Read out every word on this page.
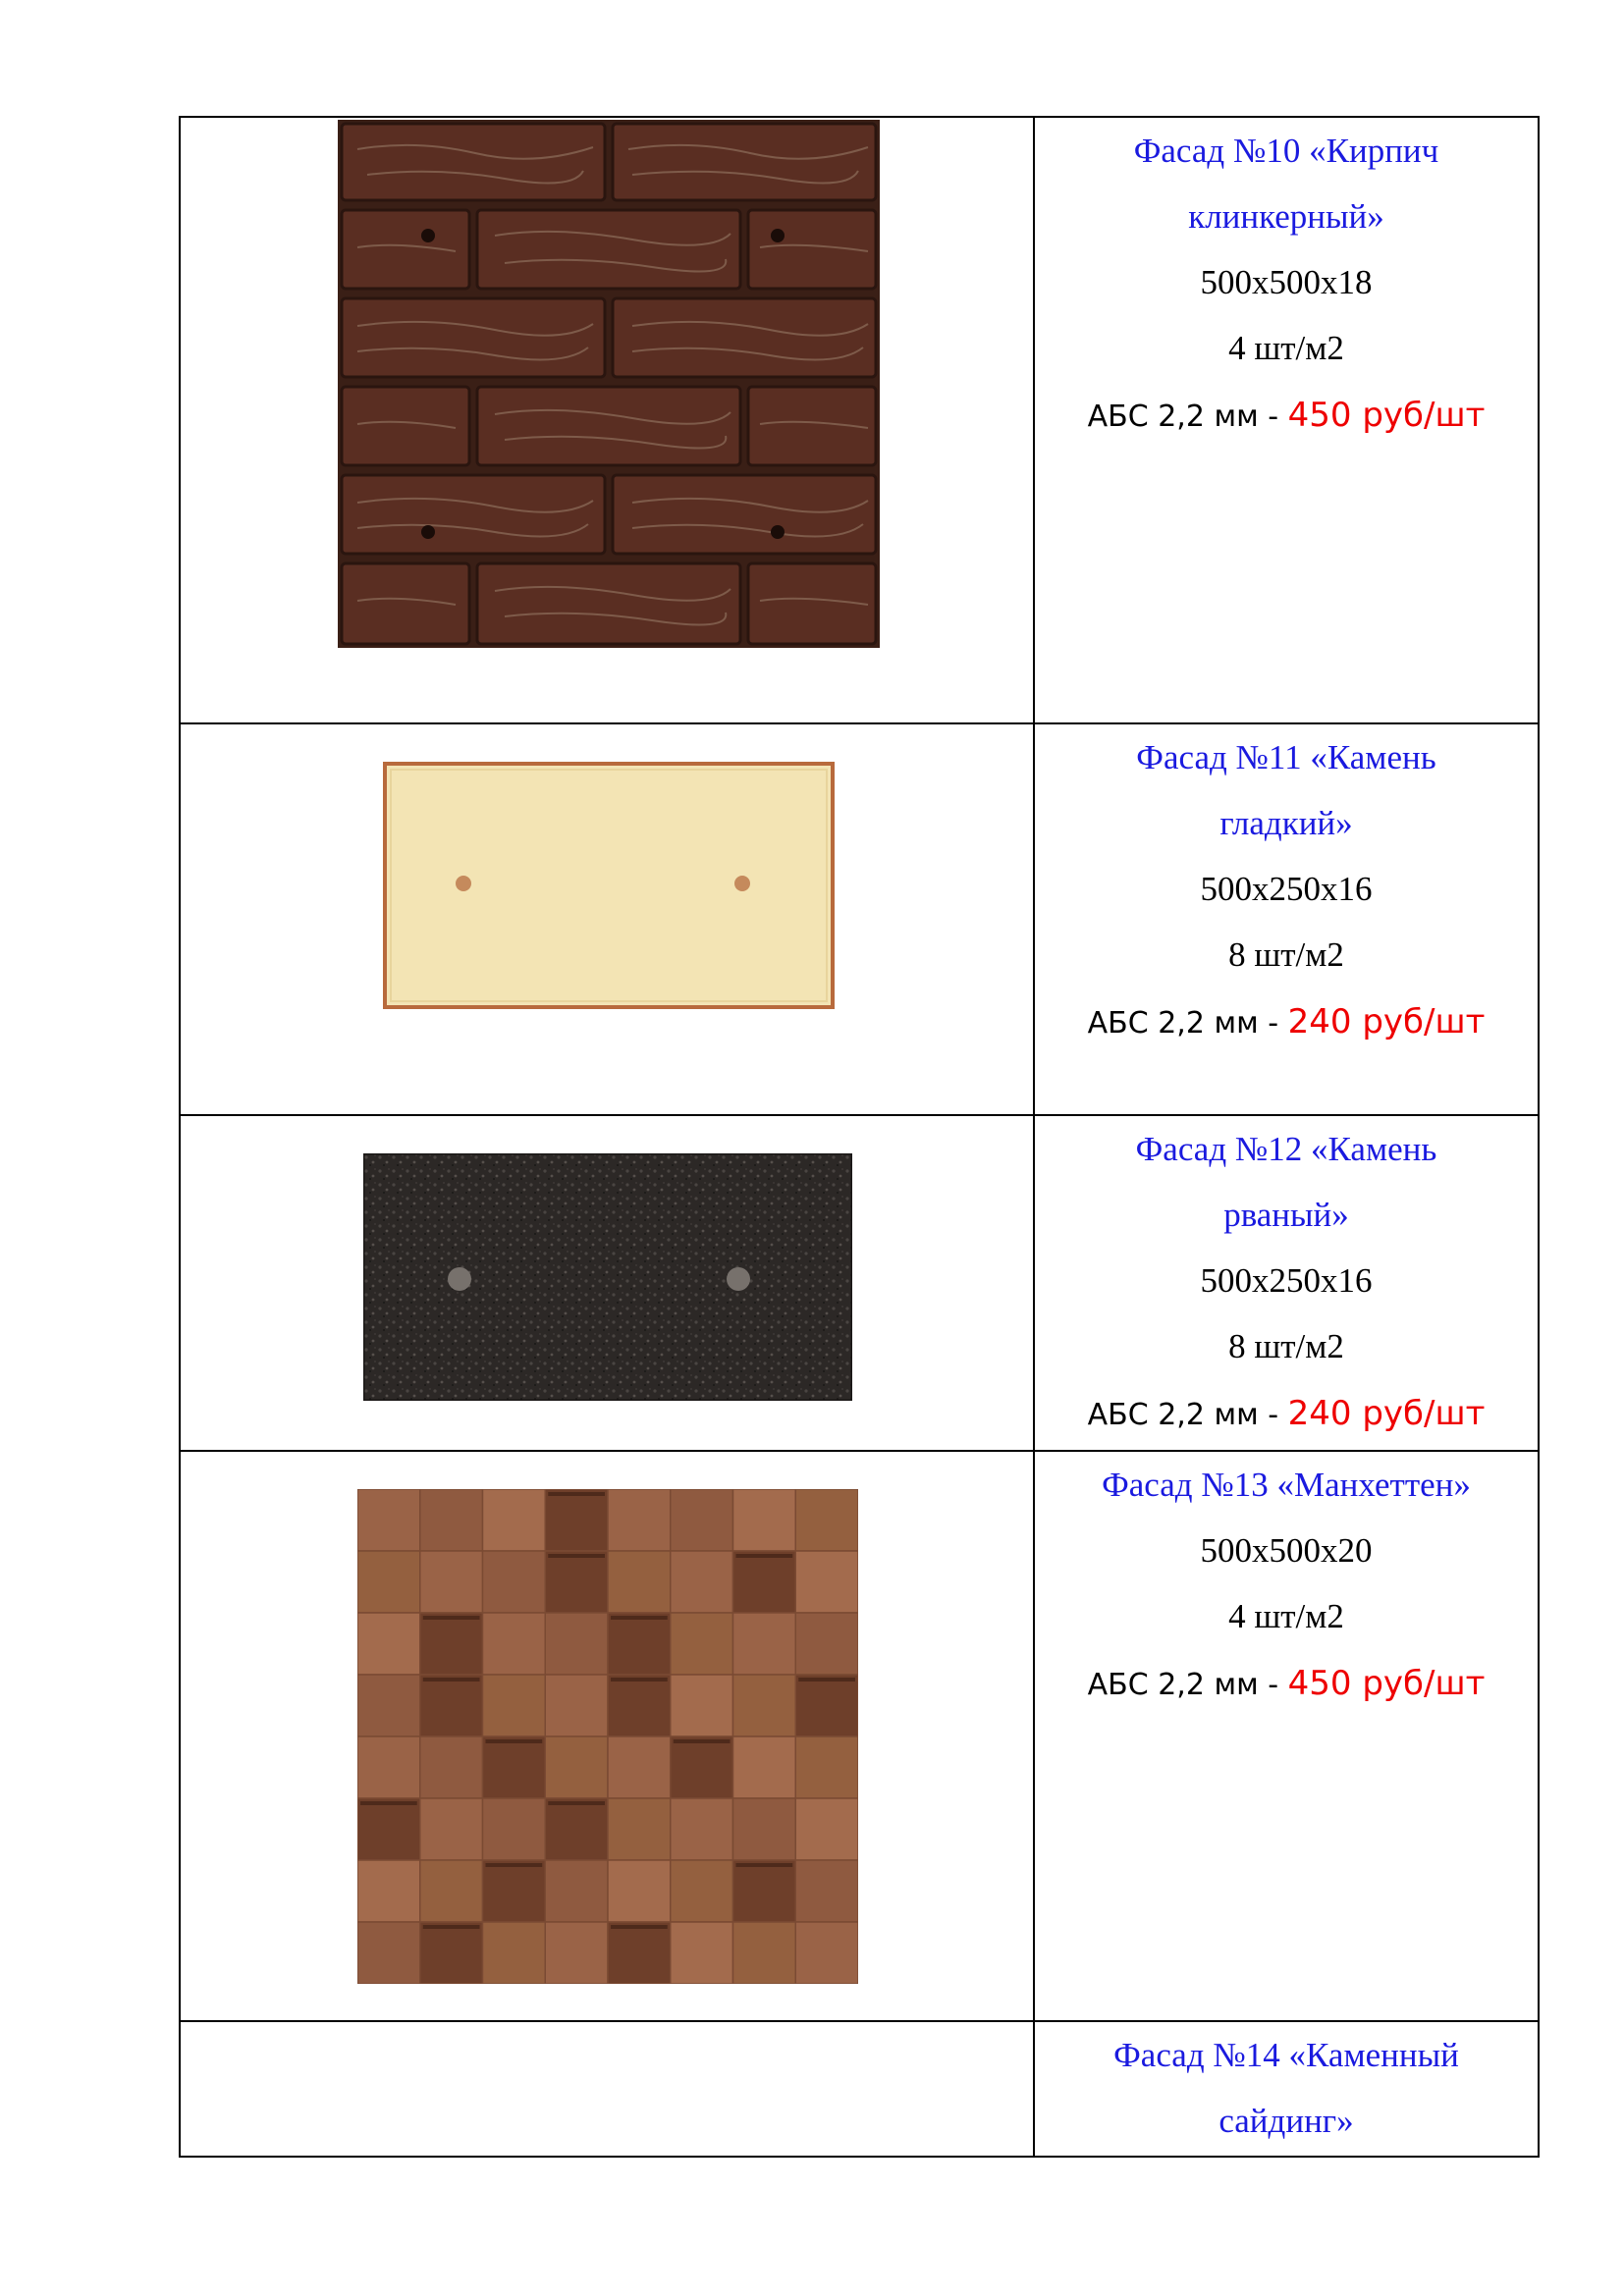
Фасад №10 «Кирпич
клинкерный»
500x500x18
4 шт/м2
АБС 2,2 мм - 450 руб/шт

Фасад №11 «Камень
гладкий»
500x250x16
8 шт/м2
АБС 2,2 мм - 240 руб/шт

Фасад №12 «Камень
рваный»
500x250x16
8 шт/м2
АБС 2,2 мм - 240 руб/шт

Фасад №13 «Манхеттен»
500x500x20
4 шт/м2
АБС 2,2 мм - 450 руб/шт

	Фасад №14 «Каменный
сайдинг»
